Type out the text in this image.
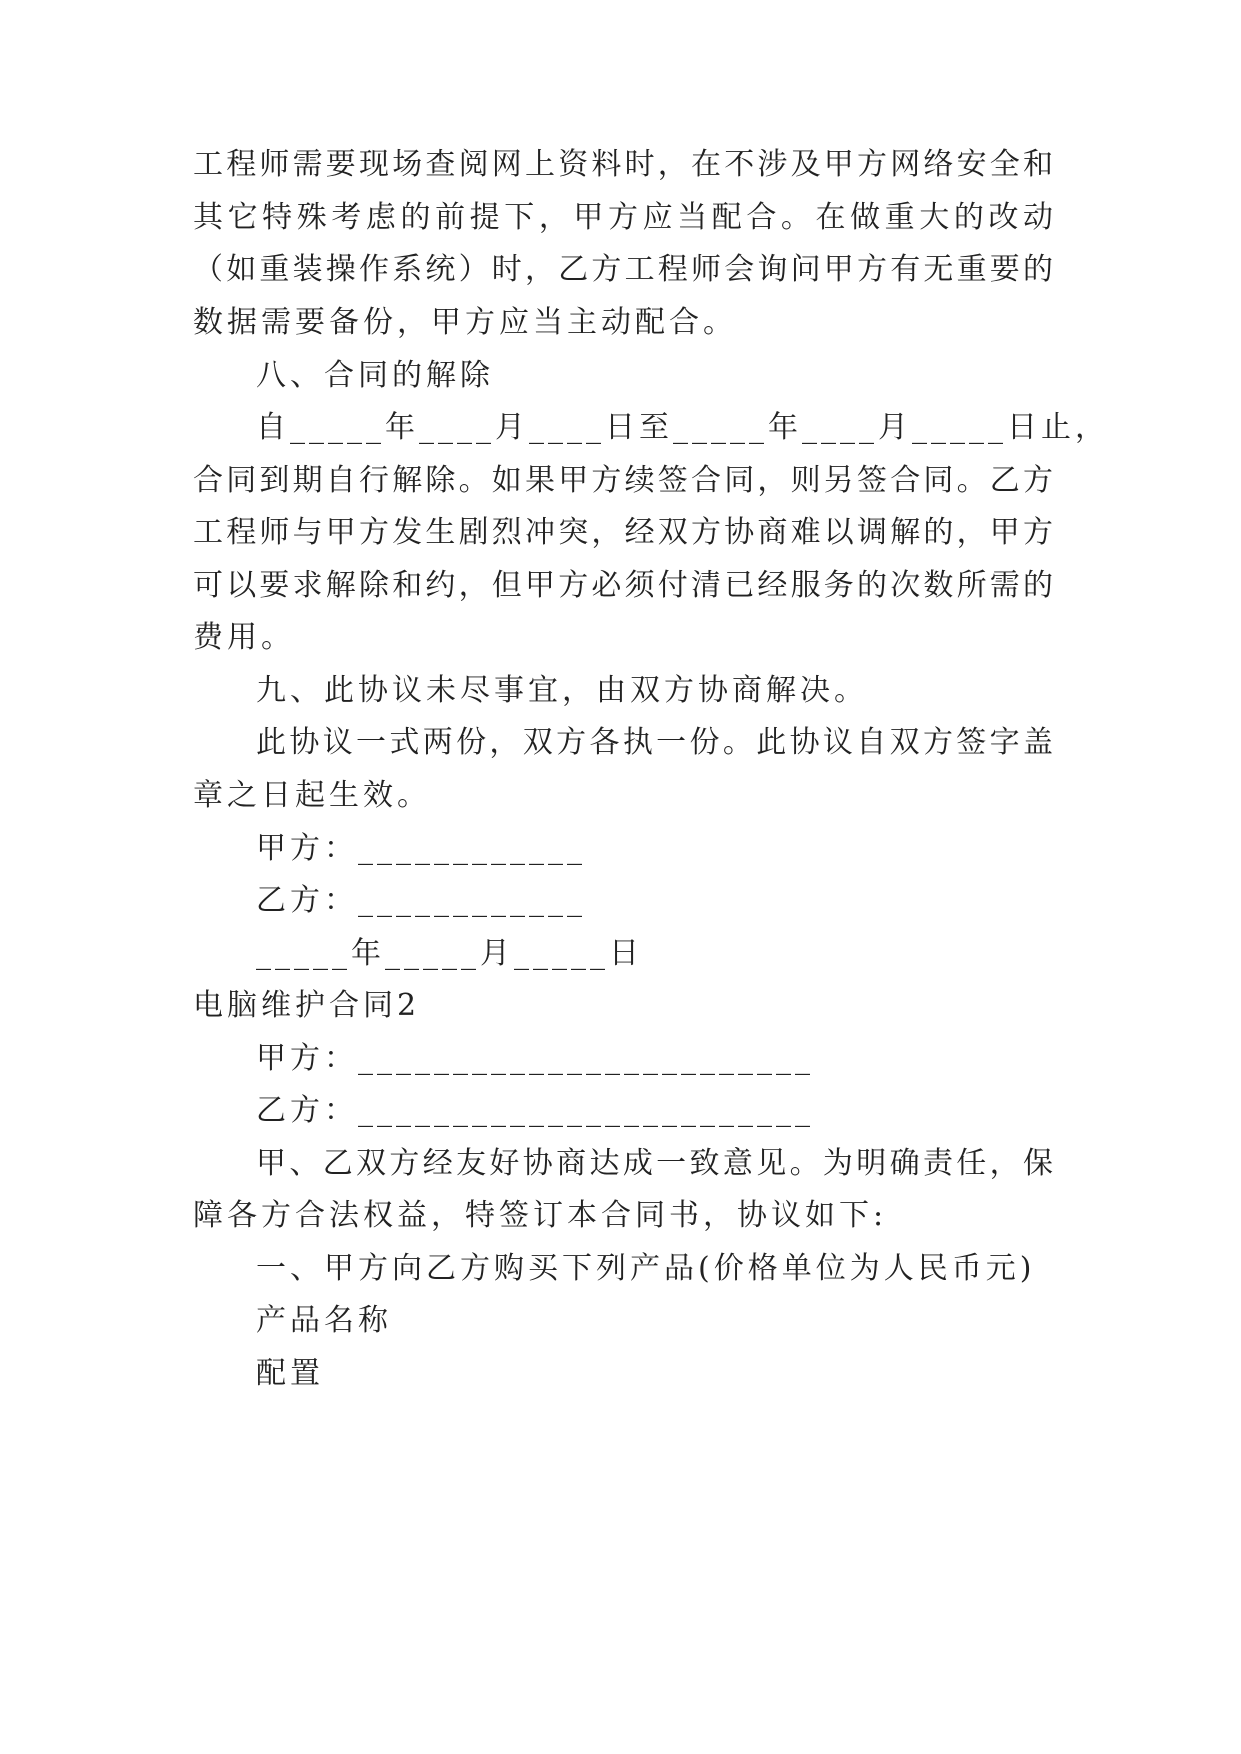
工程师需要现场查阅网上资料时，在不涉及甲方网络安全和
其它特殊考虑的前提下，甲方应当配合。在做重大的改动
（如重装操作系统）时，乙方工程师会询问甲方有无重要的
数据需要备份，甲方应当主动配合。
八、合同的解除
自_____年____月____日至_____年____月_____日止，
合同到期自行解除。如果甲方续签合同，则另签合同。乙方
工程师与甲方发生剧烈冲突，经双方协商难以调解的，甲方
可以要求解除和约，但甲方必须付清已经服务的次数所需的
费用。
九、此协议未尽事宜，由双方协商解决。
此协议一式两份，双方各执一份。此协议自双方签字盖
章之日起生效。
甲方：____________
乙方：____________
_____年_____月_____日
电脑维护合同2
甲方：________________________
乙方：________________________
甲、乙双方经友好协商达成一致意见。为明确责任，保
障各方合法权益，特签订本合同书，协议如下:
一、甲方向乙方购买下列产品(价格单位为人民币元)
产品名称
配置
